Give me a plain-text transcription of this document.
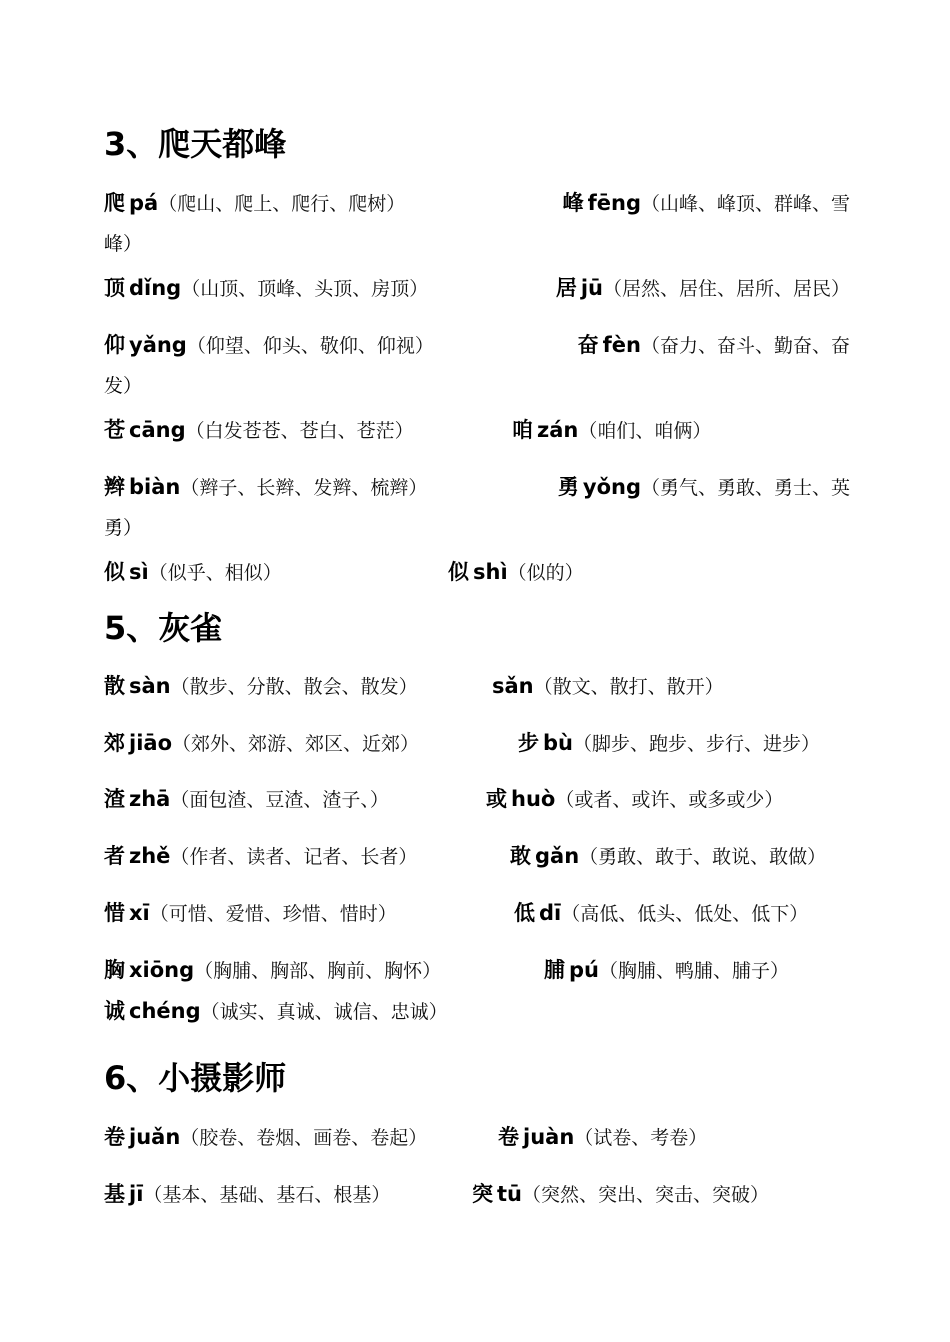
3、爬天都峰
爬 pá（爬山、爬上、爬行、爬树）	峰 fēng（山峰、峰顶、群峰、雪
峰）
顶 dǐng（山顶、顶峰、头顶、房顶）	居 jū（居然、居住、居所、居民）
仰 yǎng（仰望、仰头、敬仰、仰视）	奋 fèn（奋力、奋斗、勤奋、奋
发）
苍 cāng（白发苍苍、苍白、苍茫）	咱 zán（咱们、咱俩）
辫 biàn（辫子、长辫、发辫、梳辫）	勇 yǒng（勇气、勇敢、勇士、英
勇）
似 sì（似乎、相似）	似 shì（似的）
5、灰雀
散 sàn（散步、分散、散会、散发）	sǎn（散文、散打、散开）
郊 jiāo（郊外、郊游、郊区、近郊）	步 bù（脚步、跑步、步行、进步）
渣 zhā（面包渣、豆渣、渣子、）	或 huò（或者、或许、或多或少）
者 zhě（作者、读者、记者、长者）	敢 gǎn（勇敢、敢于、敢说、敢做）
惜 xī（可惜、爱惜、珍惜、惜时）	低 dī（高低、低头、低处、低下）
胸 xiōng（胸脯、胸部、胸前、胸怀）	脯 pú（胸脯、鸭脯、脯子）
诚 chéng（诚实、真诚、诚信、忠诚）
6、小摄影师
卷 juǎn（胶卷、卷烟、画卷、卷起）	卷 juàn（试卷、考卷）
基 jī（基本、基础、基石、根基）	突 tū（突然、突出、突击、突破）
